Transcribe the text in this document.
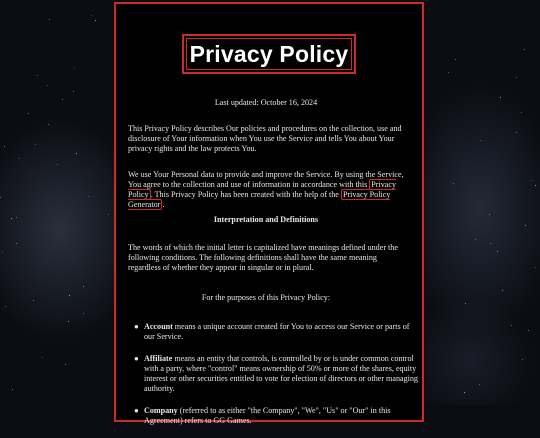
Privacy Policy

Last updated: October 16, 2024

This Privacy Policy describes Our policies and procedures on the collection, use and disclosure of Your information when You use the Service and tells You about Your privacy rights and the law protects You.

We use Your Personal data to provide and improve the Service. By using the Service, You agree to the collection and use of information in accordance with this Privacy Policy . This Privacy Policy has been created with the help of the Privacy Policy Generator .

Interpretation and Definitions

The words of which the initial letter is capitalized have meanings defined under the following conditions. The following definitions shall have the same meaning regardless of whether they appear in singular or in plural.

For the purposes of this Privacy Policy:

● Account means a unique account created for You to access our Service or parts of our Service.
● Affiliate means an entity that controls, is controlled by or is under common control with a party, where "control" means ownership of 50% or more of the shares, equity interest or other securities entitled to vote for election of directors or other managing authority.
● Company (referred to as either "the Company", "We", "Us" or "Our" in this Agreement) refers to GG Games.
